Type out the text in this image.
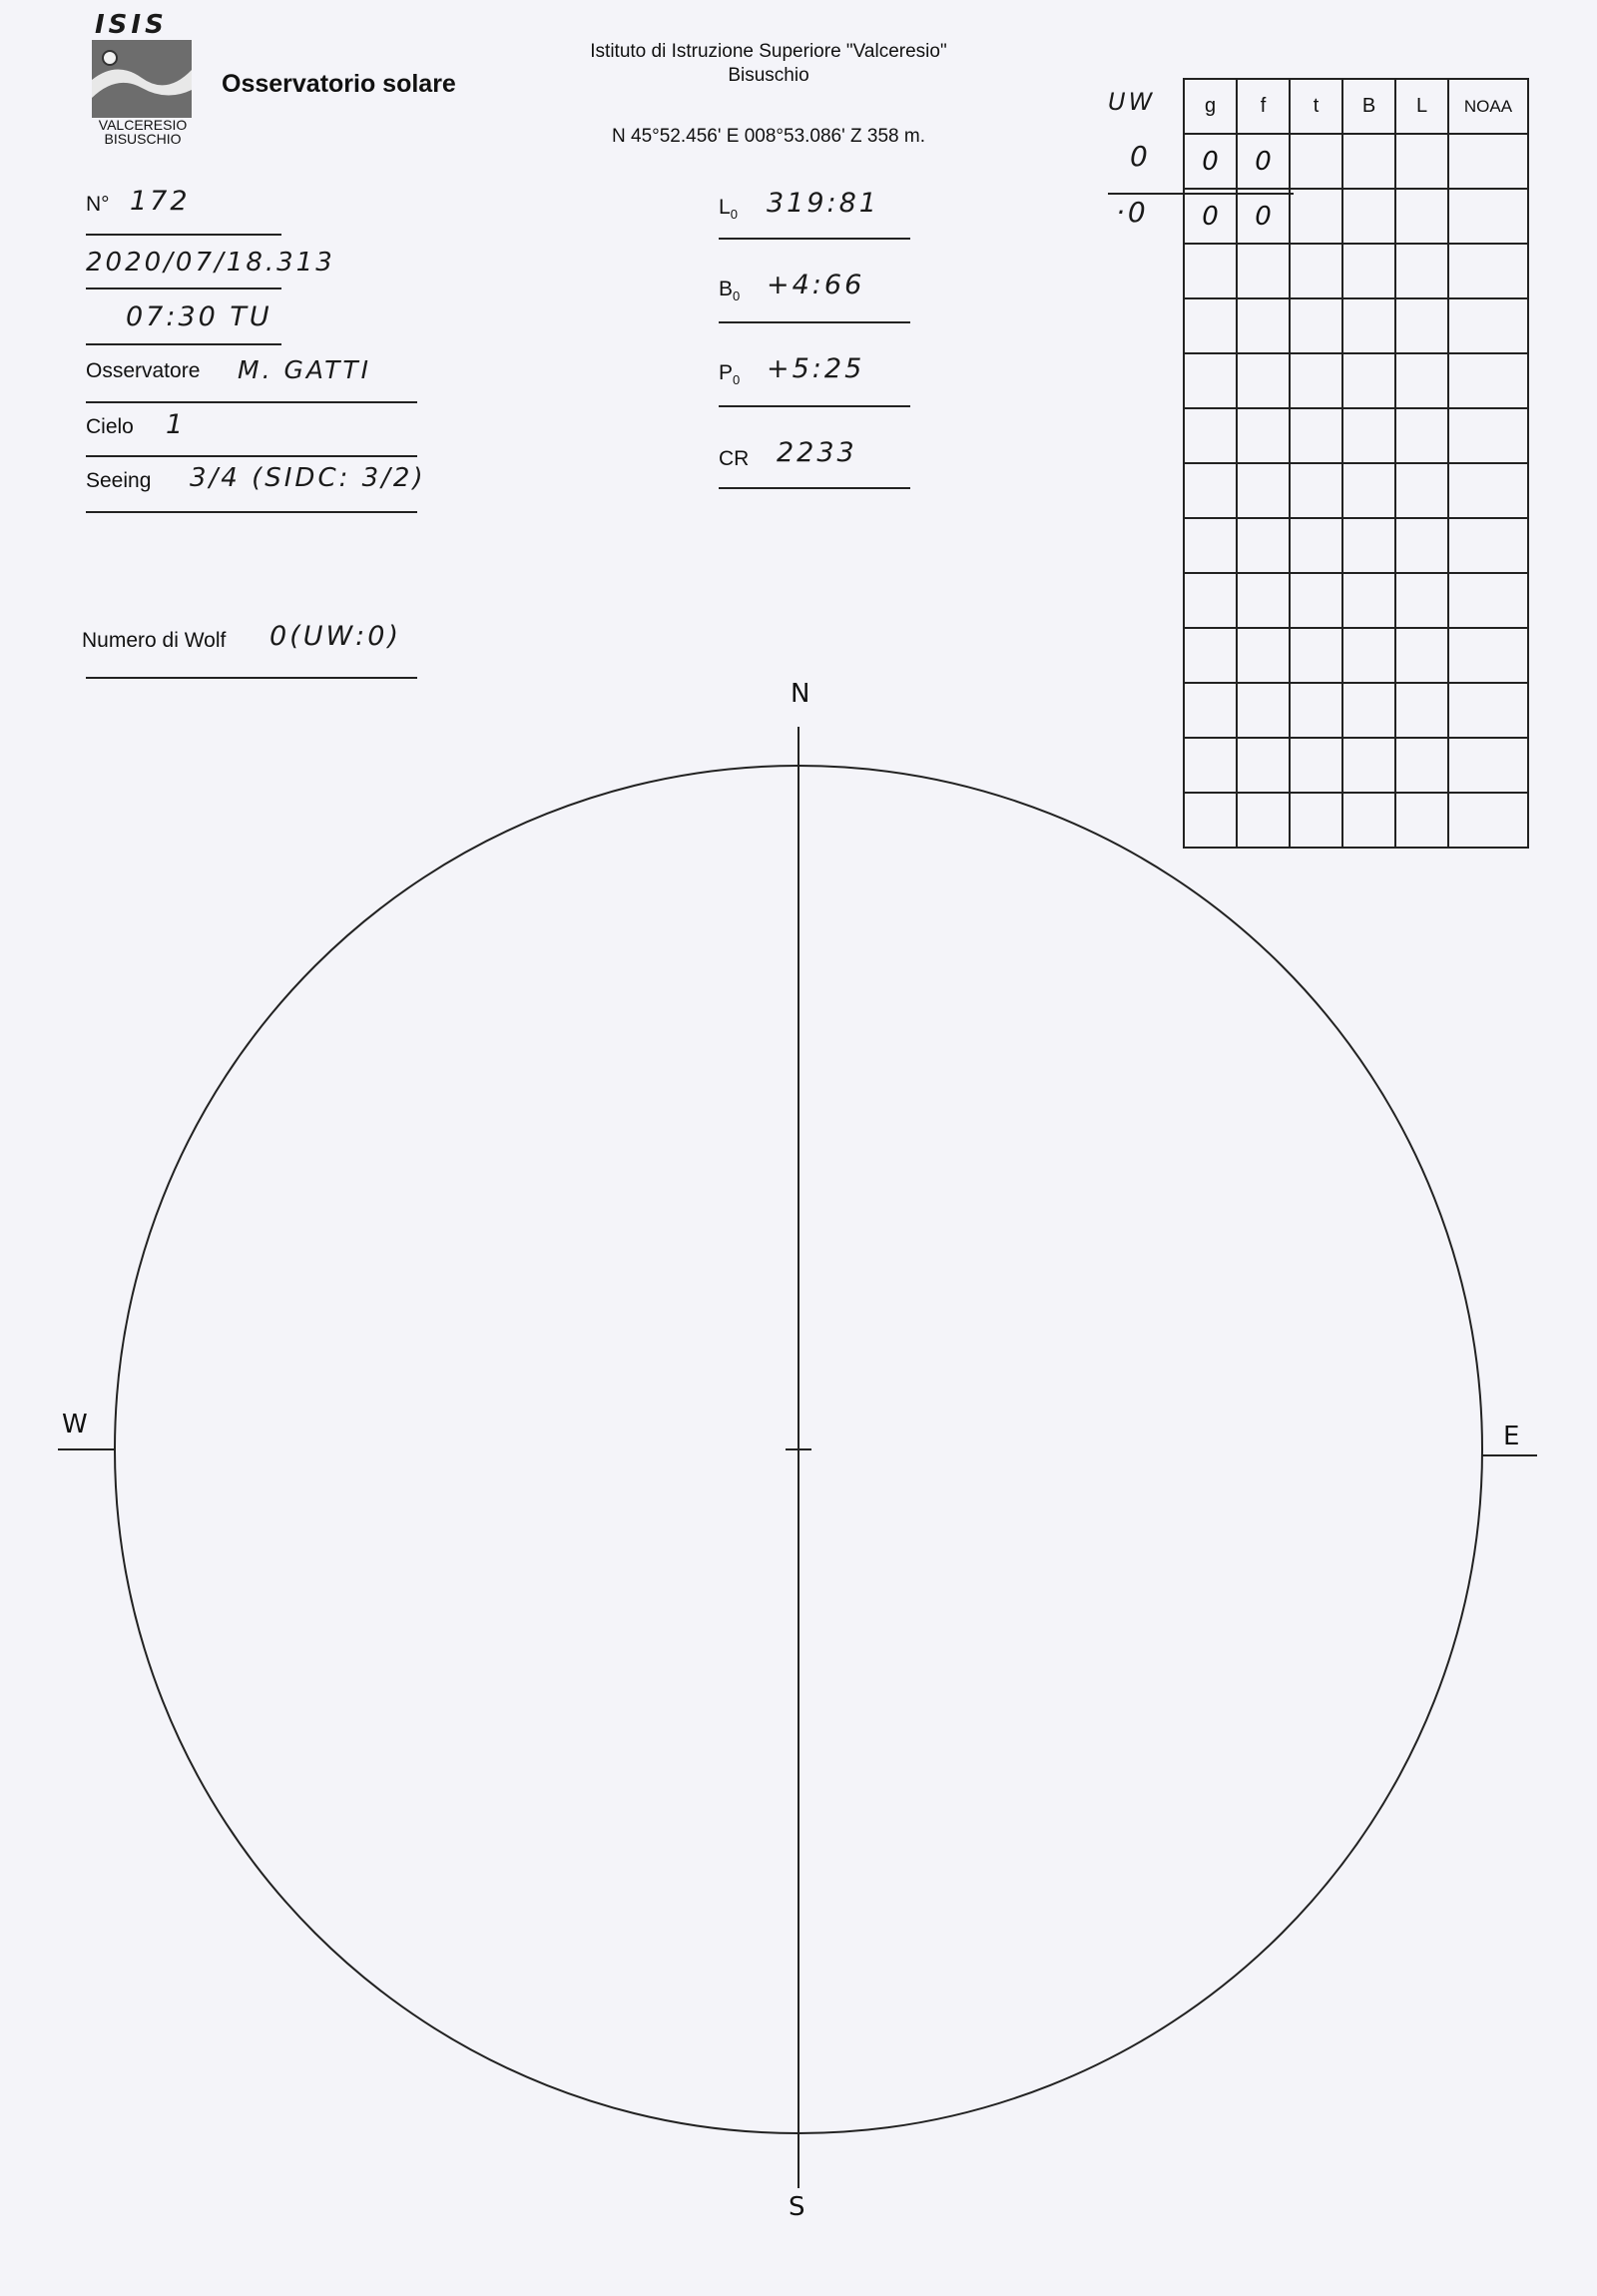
ISIS
VALCERESIO
BISUSCHIO
Osservatorio solare
Istituto di Istruzione Superiore "Valceresio"
Bisuschio
N 45°52.456' E 008°53.086' Z 358 m.
N° 172
2020/07/18.313
07:30 TU
Osservatore M. GATTI
Cielo 1
Seeing 3/4 (SIDC: 3/2)
Numero di Wolf 0(UW:0)
$L_0$ 319:81
$B_0$ +4:66
$P_0$ +5:25
CR 2233
UW
0
·0
g	f	t	B	L	NOAA
0	0				
0	0				

N
S
W	E
